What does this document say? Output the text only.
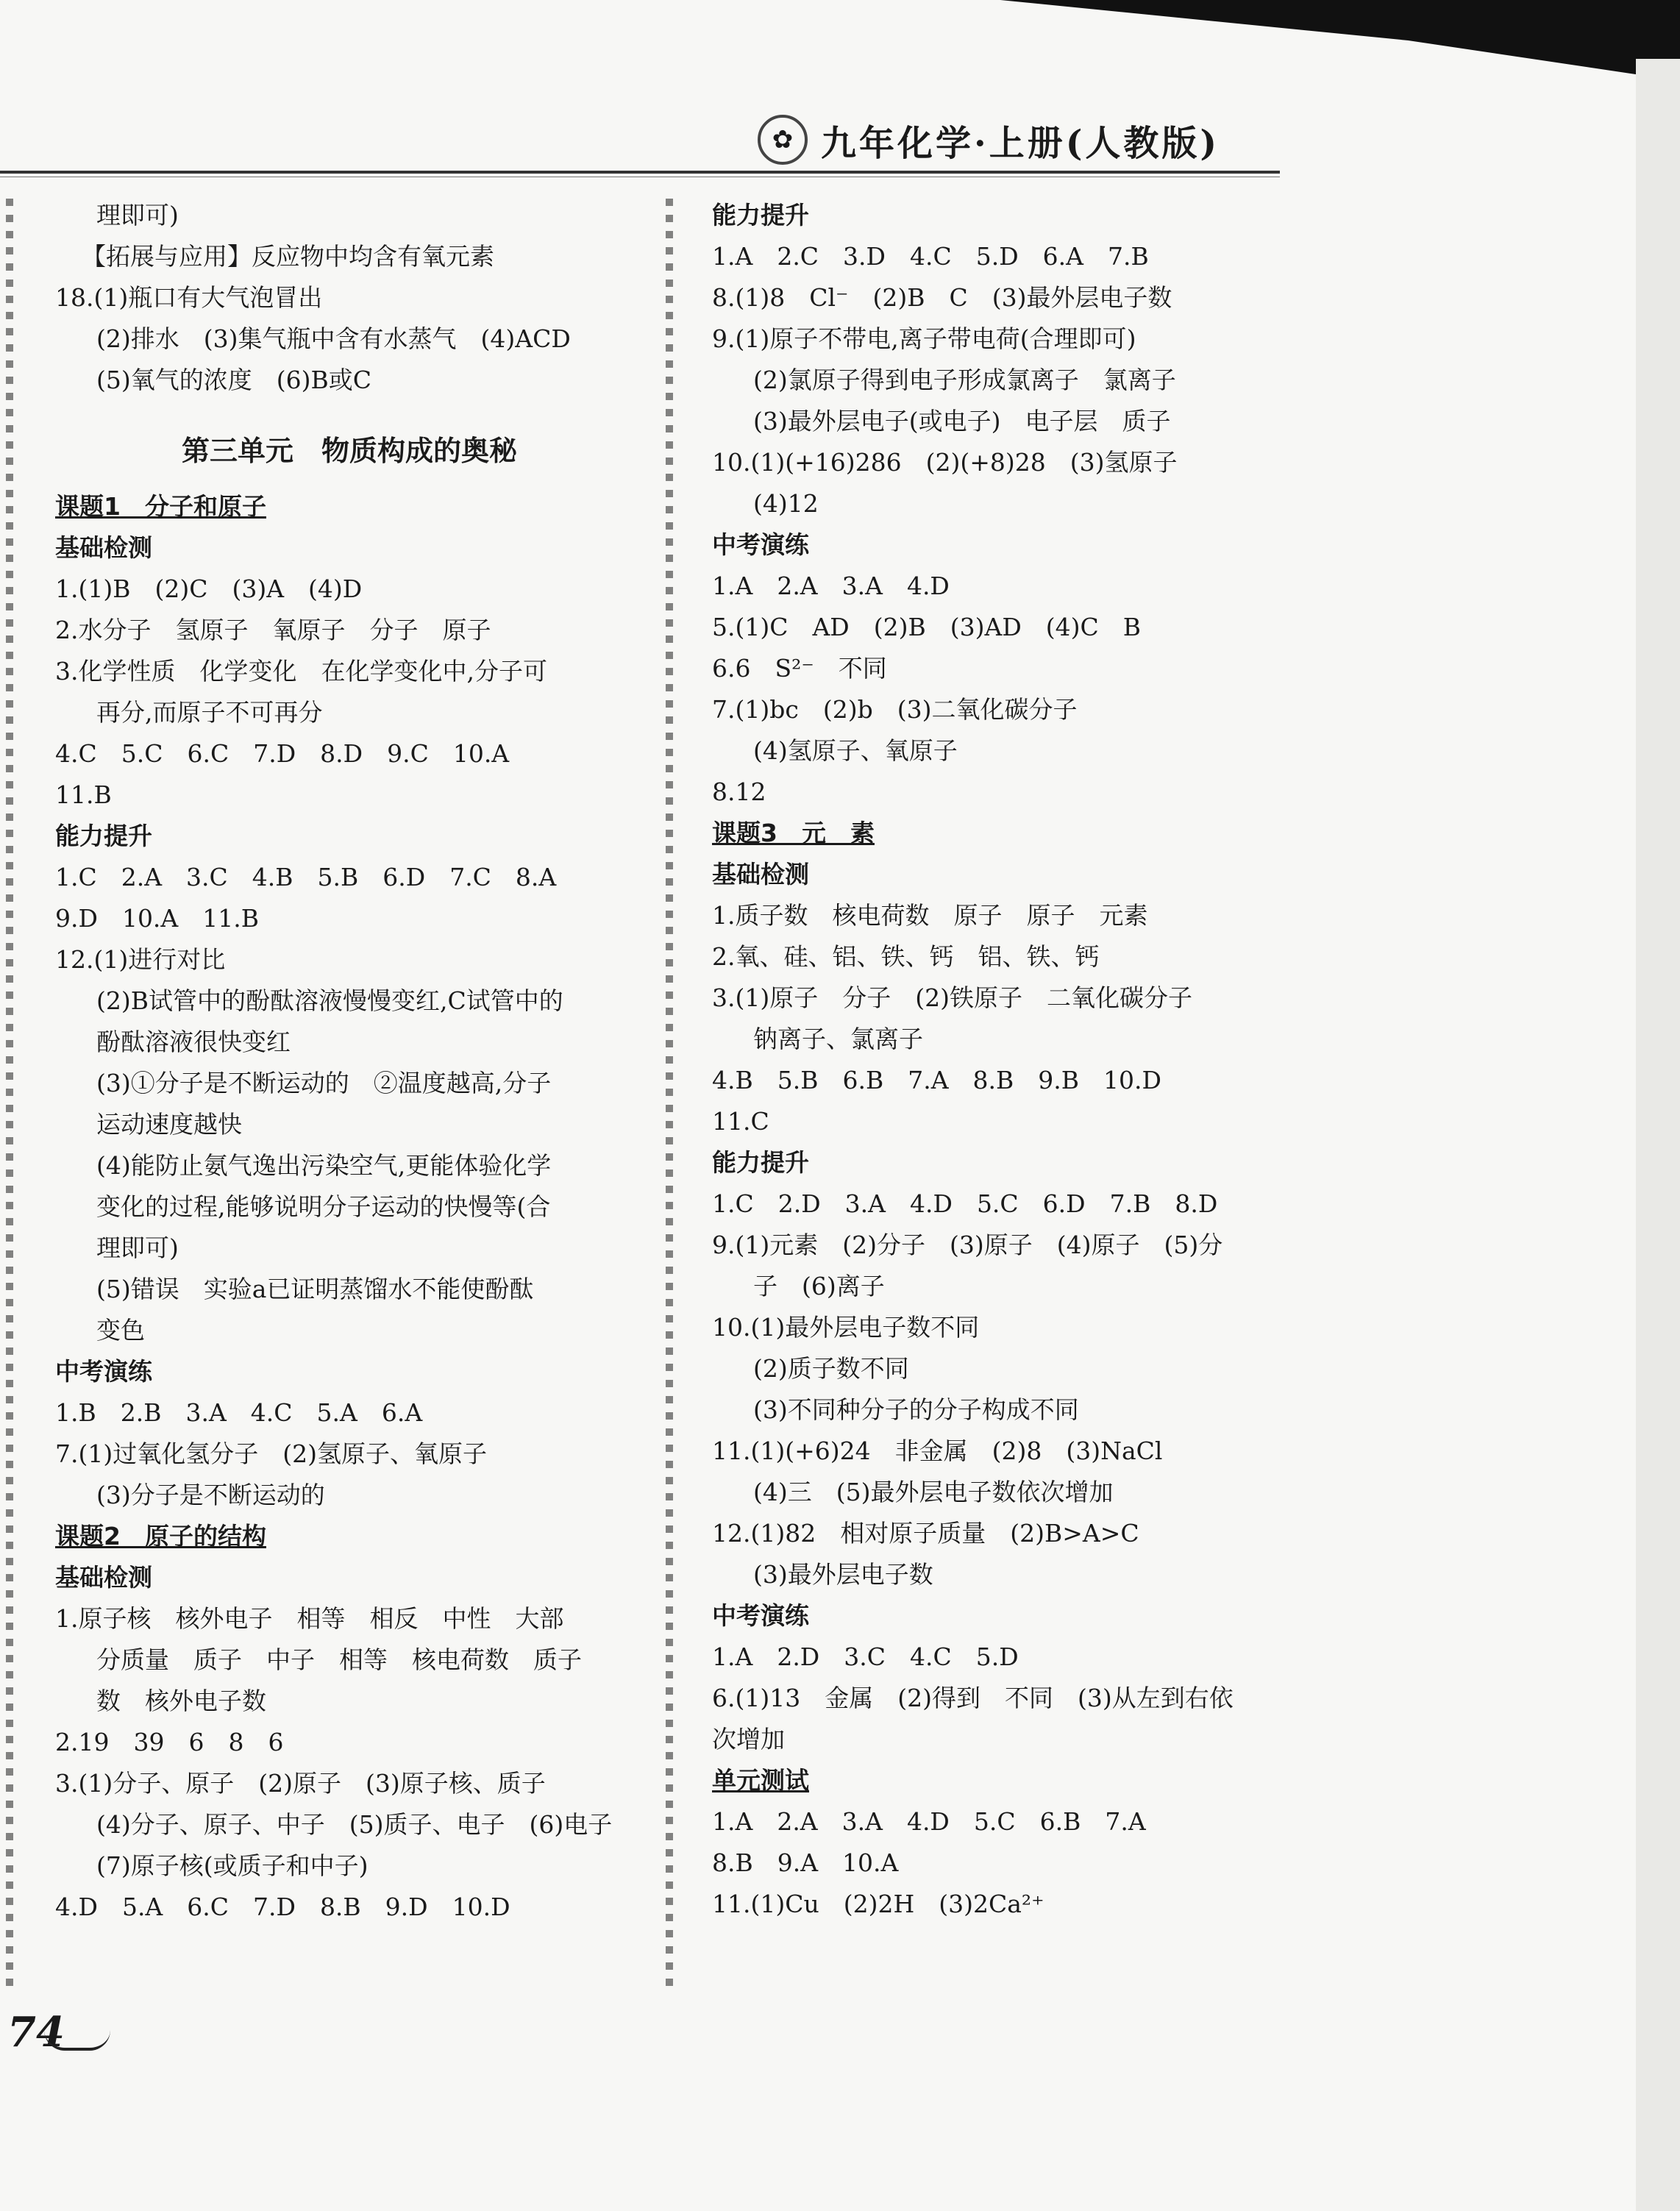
✿ 九年化学·上册(人教版)
理即可)
【拓展与应用】反应物中均含有氧元素
18.(1)瓶口有大气泡冒出
(2)排水　(3)集气瓶中含有水蒸气　(4)ACD
(5)氧气的浓度　(6)B或C
第三单元　物质构成的奥秘
课题1　分子和原子
基础检测
1.(1)B　(2)C　(3)A　(4)D
2.水分子　氢原子　氧原子　分子　原子
3.化学性质　化学变化　在化学变化中,分子可
再分,而原子不可再分
4.C　5.C　6.C　7.D　8.D　9.C　10.A
11.B
能力提升
1.C　2.A　3.C　4.B　5.B　6.D　7.C　8.A
9.D　10.A　11.B
12.(1)进行对比
(2)B试管中的酚酞溶液慢慢变红,C试管中的
酚酞溶液很快变红
(3)①分子是不断运动的　②温度越高,分子
运动速度越快
(4)能防止氨气逸出污染空气,更能体验化学
变化的过程,能够说明分子运动的快慢等(合
理即可)
(5)错误　实验a已证明蒸馏水不能使酚酞
变色
中考演练
1.B　2.B　3.A　4.C　5.A　6.A
7.(1)过氧化氢分子　(2)氢原子、氧原子
(3)分子是不断运动的
课题2　原子的结构
基础检测
1.原子核　核外电子　相等　相反　中性　大部
分质量　质子　中子　相等　核电荷数　质子
数　核外电子数
2.19　39　6　8　6
3.(1)分子、原子　(2)原子　(3)原子核、质子
(4)分子、原子、中子　(5)质子、电子　(6)电子
(7)原子核(或质子和中子)
4.D　5.A　6.C　7.D　8.B　9.D　10.D
能力提升
1.A　2.C　3.D　4.C　5.D　6.A　7.B
8.(1)8　Cl⁻　(2)B　C　(3)最外层电子数
9.(1)原子不带电,离子带电荷(合理即可)
(2)氯原子得到电子形成氯离子　氯离子
(3)最外层电子(或电子)　电子层　质子
10.(1)(+16)286　(2)(+8)28　(3)氢原子
(4)12
中考演练
1.A　2.A　3.A　4.D
5.(1)C　AD　(2)B　(3)AD　(4)C　B
6.6　S²⁻　不同
7.(1)bc　(2)b　(3)二氧化碳分子
(4)氢原子、氧原子
8.12
课题3　元　素
基础检测
1.质子数　核电荷数　原子　原子　元素
2.氧、硅、铝、铁、钙　铝、铁、钙
3.(1)原子　分子　(2)铁原子　二氧化碳分子
钠离子、氯离子
4.B　5.B　6.B　7.A　8.B　9.B　10.D
11.C
能力提升
1.C　2.D　3.A　4.D　5.C　6.D　7.B　8.D
9.(1)元素　(2)分子　(3)原子　(4)原子　(5)分
子　(6)离子
10.(1)最外层电子数不同
(2)质子数不同
(3)不同种分子的分子构成不同
11.(1)(+6)24　非金属　(2)8　(3)NaCl
(4)三　(5)最外层电子数依次增加
12.(1)82　相对原子质量　(2)B>A>C
(3)最外层电子数
中考演练
1.A　2.D　3.C　4.C　5.D
6.(1)13　金属　(2)得到　不同　(3)从左到右依
次增加
单元测试
1.A　2.A　3.A　4.D　5.C　6.B　7.A
8.B　9.A　10.A
11.(1)Cu　(2)2H　(3)2Ca²⁺
74
